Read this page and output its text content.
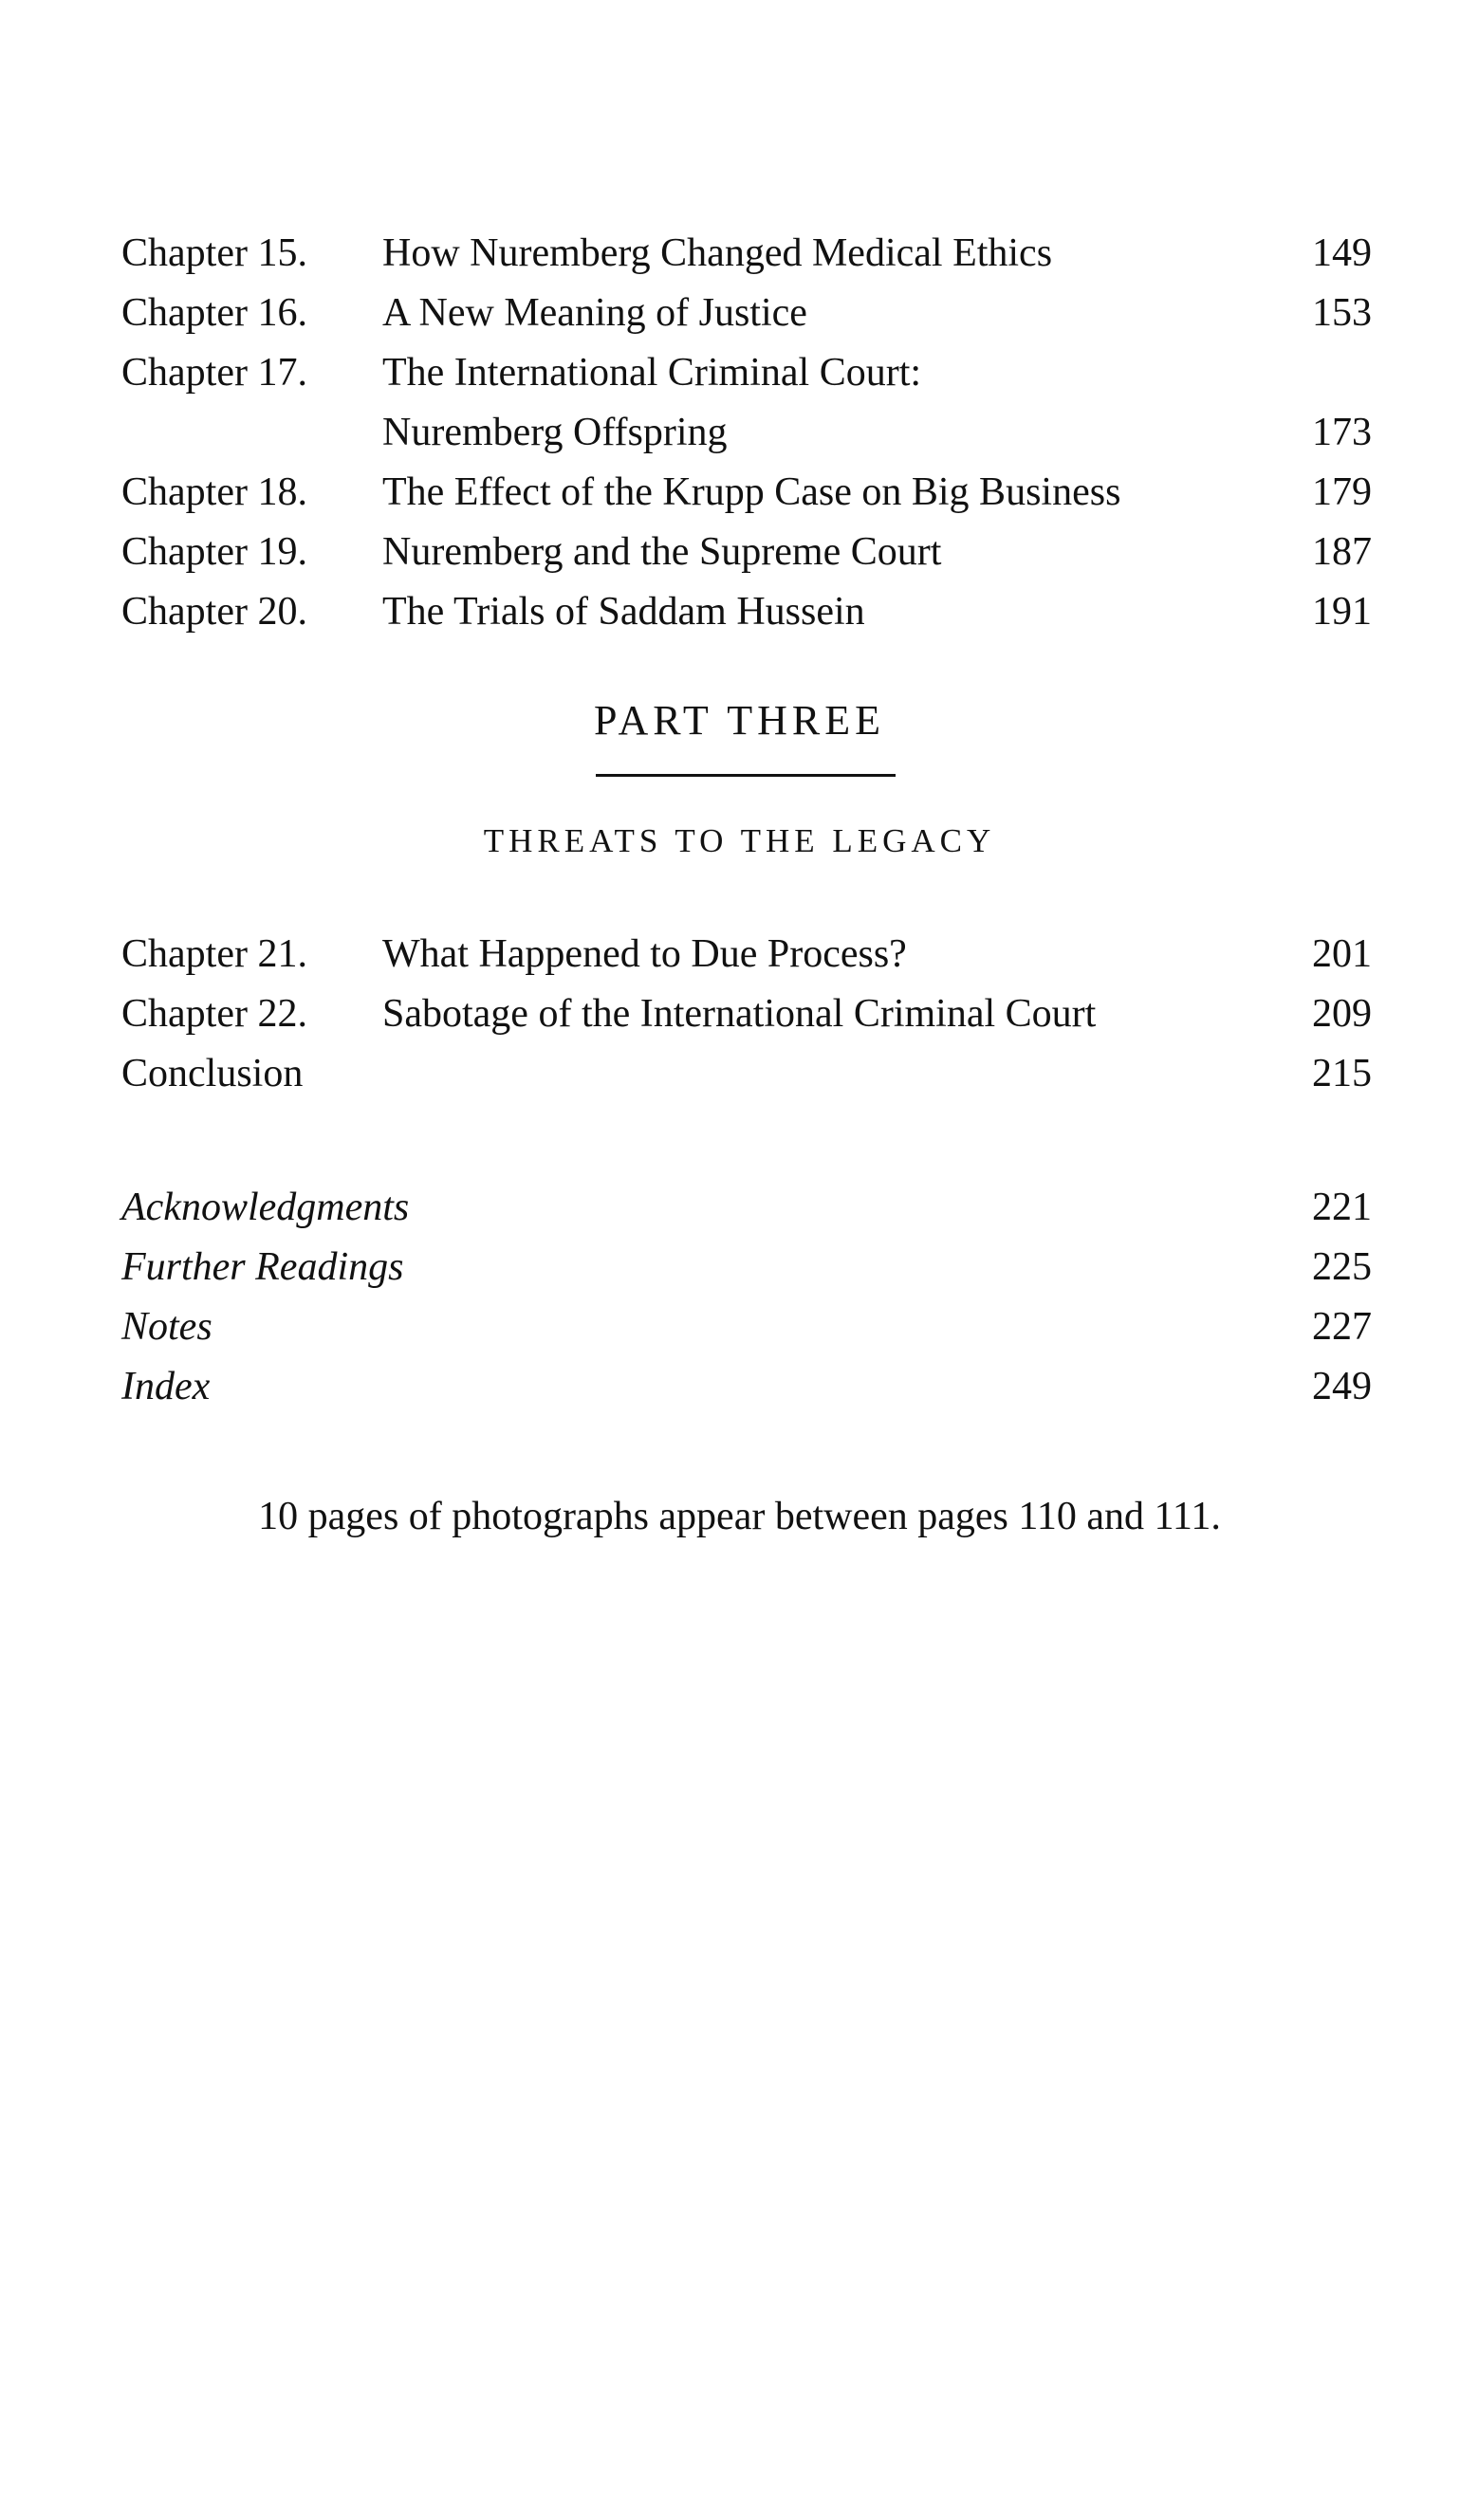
Chapter 15. How Nuremberg Changed Medical Ethics	149
Chapter 16. A New Meaning of Justice	153
Chapter 17. The International Criminal Court:
Nuremberg Offspring	173
Chapter 18. The Effect of the Krupp Case on Big Business	179
Chapter 19. Nuremberg and the Supreme Court	187
Chapter 20. The Trials of Saddam Hussein	191
PART THREE
THREATS TO THE LEGACY
Chapter 21. What Happened to Due Process?	201
Chapter 22. Sabotage of the International Criminal Court	209
Conclusion	215
Acknowledgments	221
Further Readings	225
Notes	227
Index	249
10 pages of photographs appear between pages 110 and 111.
